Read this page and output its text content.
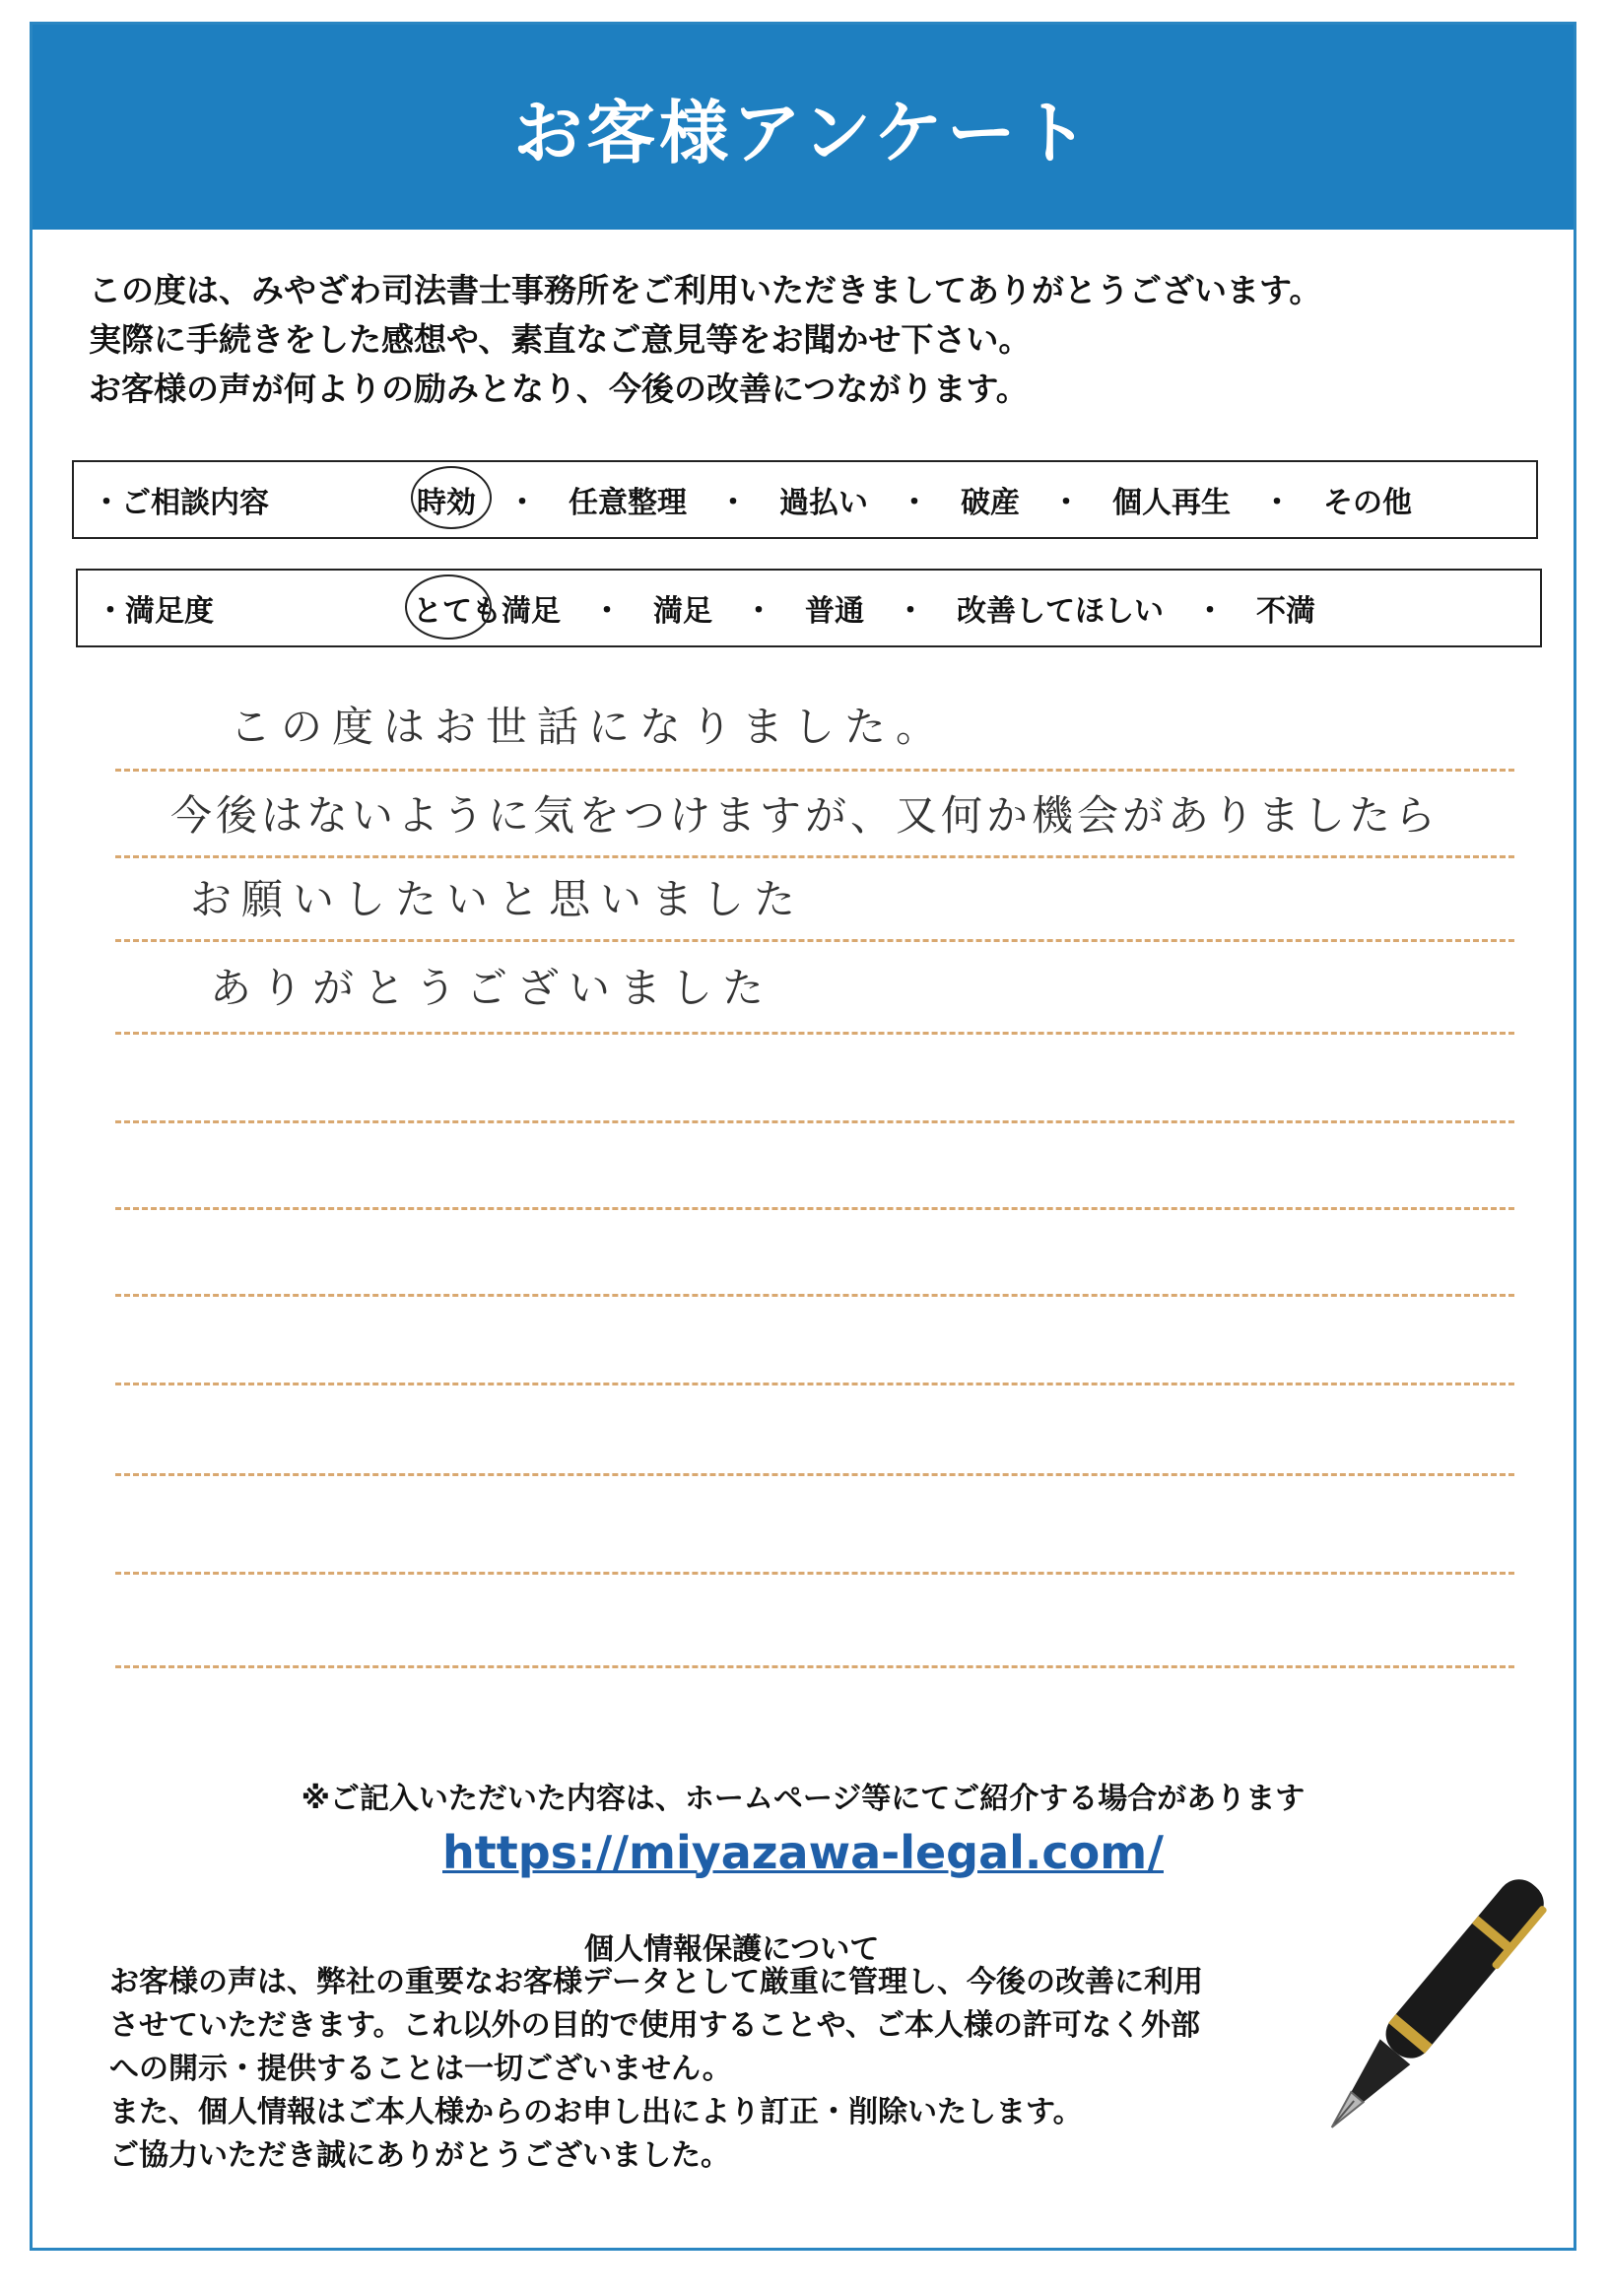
お客様アンケート
この度は、みやざわ司法書士事務所をご利用いただきましてありがとうございます。
実際に手続きをした感想や、素直なご意見等をお聞かせ下さい。
お客様の声が何よりの励みとなり、今後の改善につながります。
・ご相談内容	時効 ・ 任意整理 ・ 過払い ・ 破産 ・ 個人再生 ・ その他
・満足度	とても満足 ・ 満足 ・ 普通 ・ 改善してほしい ・ 不満
この度はお世話になりました。
今後はないように気をつけますが、又何か機会がありましたら
お願いしたいと思いました
ありがとうございました
※ご記入いただいた内容は、ホームページ等にてご紹介する場合があります
https://miyazawa-legal.com/
個人情報保護について
お客様の声は、弊社の重要なお客様データとして厳重に管理し、今後の改善に利用
させていただきます。これ以外の目的で使用することや、ご本人様の許可なく外部
への開示・提供することは一切ございません。
また、個人情報はご本人様からのお申し出により訂正・削除いたします。
ご協力いただき誠にありがとうございました。
